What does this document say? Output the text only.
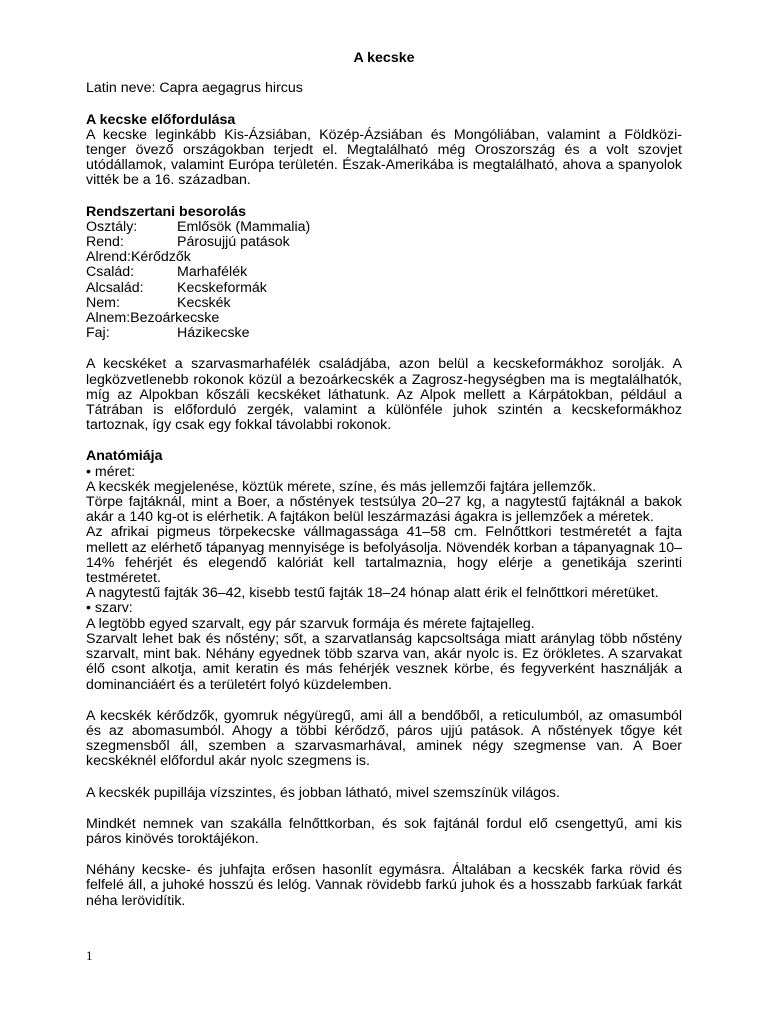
A kecske

Latin neve: Capra aegagrus hircus

A kecske előfordulása

A kecske leginkább Kis-Ázsiában, Közép-Ázsiában és Mongóliában, valamint a Földközi-tenger övező országokban terjedt el. Megtalálható még Oroszország és a volt szovjet utódállamok, valamint Európa területén. Észak-Amerikába is megtalálható, ahova a spanyolok vitték be a 16. században.

Rendszertani besorolás

Osztály:	Emlősök (Mammalia)
Rend:	Párosujjú patások
Alrend: Kérődzők
Család:	Marhafélék
Alcsalád:	Kecskeformák
Nem:	Kecskék
Alnem: Bezoárkecske
Faj:	Házikecske

A kecskéket a szarvasmarhafélék családjába, azon belül a kecskeformákhoz sorolják. A legközvetlenebb rokonok közül a bezoárkecskék a Zagrosz-hegységben ma is megtalálhatók, míg az Alpokban kőszáli kecskéket láthatunk. Az Alpok mellett a Kárpátokban, például a Tátrában is előforduló zergék, valamint a különféle juhok szintén a kecskeformákhoz tartoznak, így csak egy fokkal távolabbi rokonok.

Anatómiája

• méret:

A kecskék megjelenése, köztük mérete, színe, és más jellemzői fajtára jellemzők.

Törpe fajtáknál, mint a Boer, a nőstények testsúlya 20–27 kg, a nagytestű fajtáknál a bakok akár a 140 kg-ot is elérhetik. A fajtákon belül leszármazási ágakra is jellemzőek a méretek.

Az afrikai pigmeus törpekecske vállmagassága 41–58 cm. Felnőttkori testméretét a fajta mellett az elérhető tápanyag mennyisége is befolyásolja. Növendék korban a tápanyagnak 10–14% fehérjét és elegendő kalóriát kell tartalmaznia, hogy elérje a genetikája szerinti testméretet.

A nagytestű fajták 36–42, kisebb testű fajták 18–24 hónap alatt érik el felnőttkori méretüket.

• szarv:

A legtöbb egyed szarvalt, egy pár szarvuk formája és mérete fajtajelleg.

Szarvalt lehet bak és nőstény; sőt, a szarvatlanság kapcsoltsága miatt aránylag több nőstény szarvalt, mint bak. Néhány egyednek több szarva van, akár nyolc is. Ez örökletes. A szarvakat élő csont alkotja, amit keratin és más fehérjék vesznek körbe, és fegyverként használják a dominanciáért és a területért folyó küzdelemben.

A kecskék kérődzők, gyomruk négyüregű, ami áll a bendőből, a reticulumból, az omasumból és az abomasumból. Ahogy a többi kérődző, páros ujjú patások. A nőstények tőgye két szegmensből áll, szemben a szarvasmarhával, aminek négy szegmense van. A Boer kecskéknél előfordul akár nyolc szegmens is.

A kecskék pupillája vízszintes, és jobban látható, mivel szemszínük világos.

Mindkét nemnek van szakálla felnőttkorban, és sok fajtánál fordul elő csengettyű, ami kis páros kinövés toroktájékon.

Néhány kecske- és juhfajta erősen hasonlít egymásra. Általában a kecskék farka rövid és felfelé áll, a juhoké hosszú és lelóg. Vannak rövidebb farkú juhok és a hosszabb farkúak farkát néha lerövidítik.

1
